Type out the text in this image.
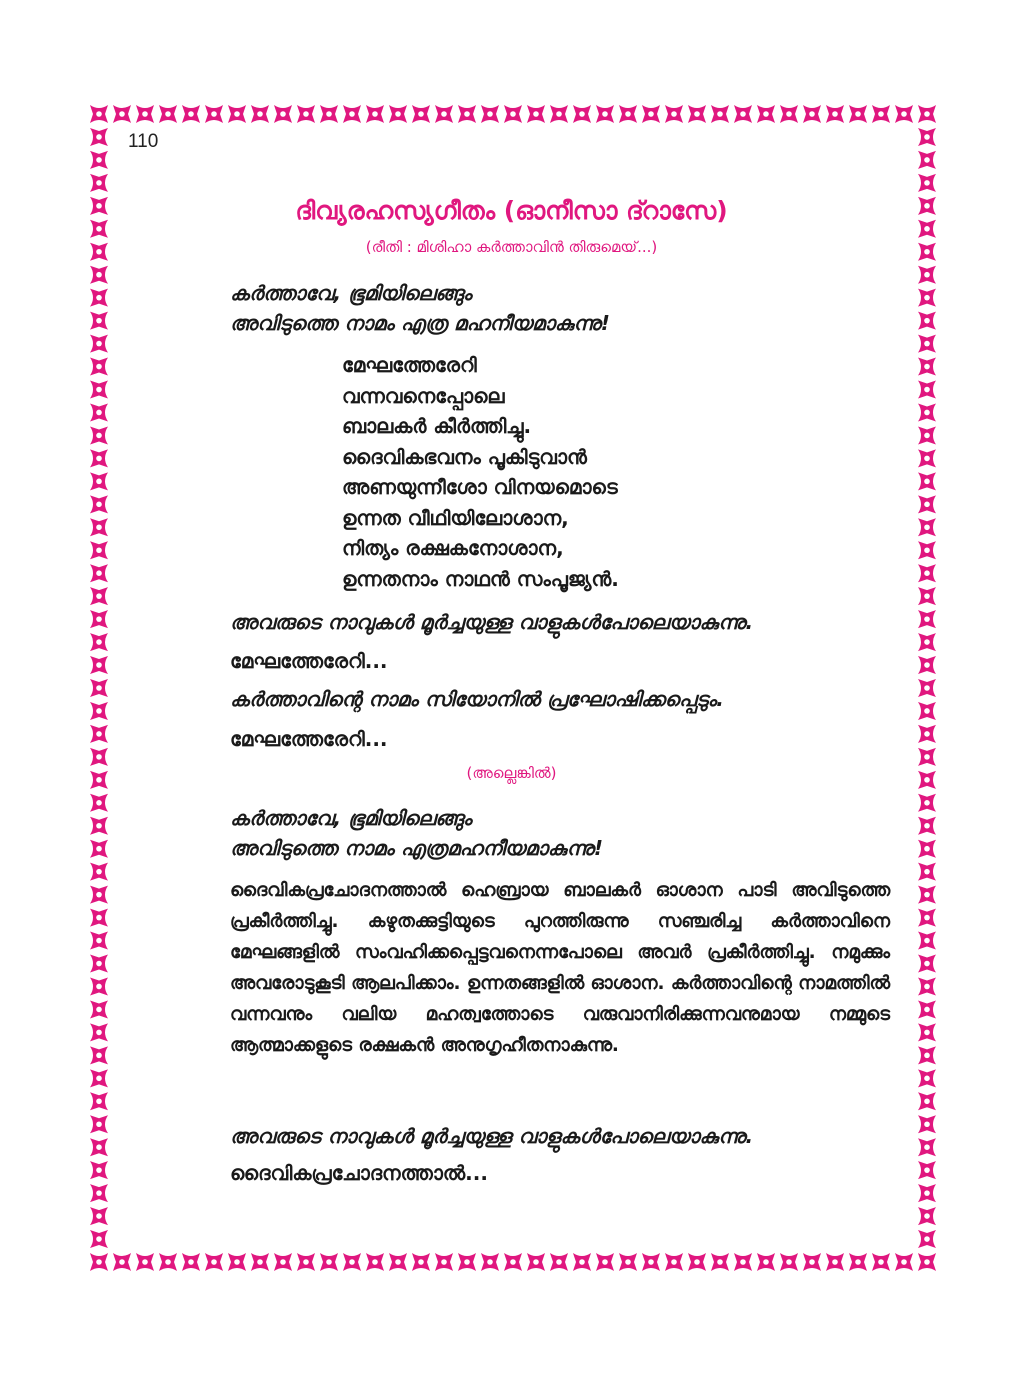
110
ദിവ്യരഹസ്യഗീതം (ഓനീസാ ദ്റാസേ)
(രീതി : മിശിഹാ കർത്താവിൻ തിരുമെയ്...)

കർത്താവേ, ഭൂമിയിലെങ്ങും
അവിടുത്തെ നാമം എത്ര മഹനീയമാകുന്നു!

മേഘത്തേരേറി
വന്നവനെപ്പോലെ
ബാലകർ കീർത്തിച്ചു.
ദൈവികഭവനം പൂകിടുവാൻ
അണയുന്നീശോ വിനയമൊടെ
ഉന്നത വീഥിയിലോശാന,
നിത്യം രക്ഷകനോശാന,
ഉന്നതനാം നാഥൻ സംപൂജ്യൻ.

അവരുടെ നാവുകൾ മൂർച്ചയുള്ള വാളുകൾപോലെയാകുന്നു.

മേഘത്തേരേറി...

കർത്താവിന്റെ നാമം സിയോനിൽ പ്രഘോഷിക്കപ്പെടും.

മേഘത്തേരേറി...

(അല്ലെങ്കിൽ)

കർത്താവേ, ഭൂമിയിലെങ്ങും
അവിടുത്തെ നാമം എത്രമഹനീയമാകുന്നു!

ദൈവികപ്രചോദനത്താൽ ഹെബ്രായ ബാലകർ ഓശാന പാടി അവിടുത്തെ പ്രകീർത്തിച്ചു. കഴുതക്കുട്ടിയുടെ പുറത്തിരുന്നു സഞ്ചരിച്ച കർത്താവിനെ മേഘങ്ങളിൽ സംവഹിക്കപ്പെട്ടവനെന്നപോലെ അവർ പ്രകീർത്തിച്ചു. നമുക്കും അവരോടുകൂടി ആലപിക്കാം. ഉന്നതങ്ങളിൽ ഓശാന. കർത്താവിന്റെ നാമത്തിൽ വന്നവനും വലിയ മഹത്വത്തോടെ വരുവാനിരിക്കുന്നവനുമായ നമ്മുടെ ആത്മാക്കളുടെ രക്ഷകൻ അനുഗൃഹീതനാകുന്നു.

അവരുടെ നാവുകൾ മൂർച്ചയുള്ള വാളുകൾപോലെയാകുന്നു.

ദൈവികപ്രചോദനത്താൽ...
